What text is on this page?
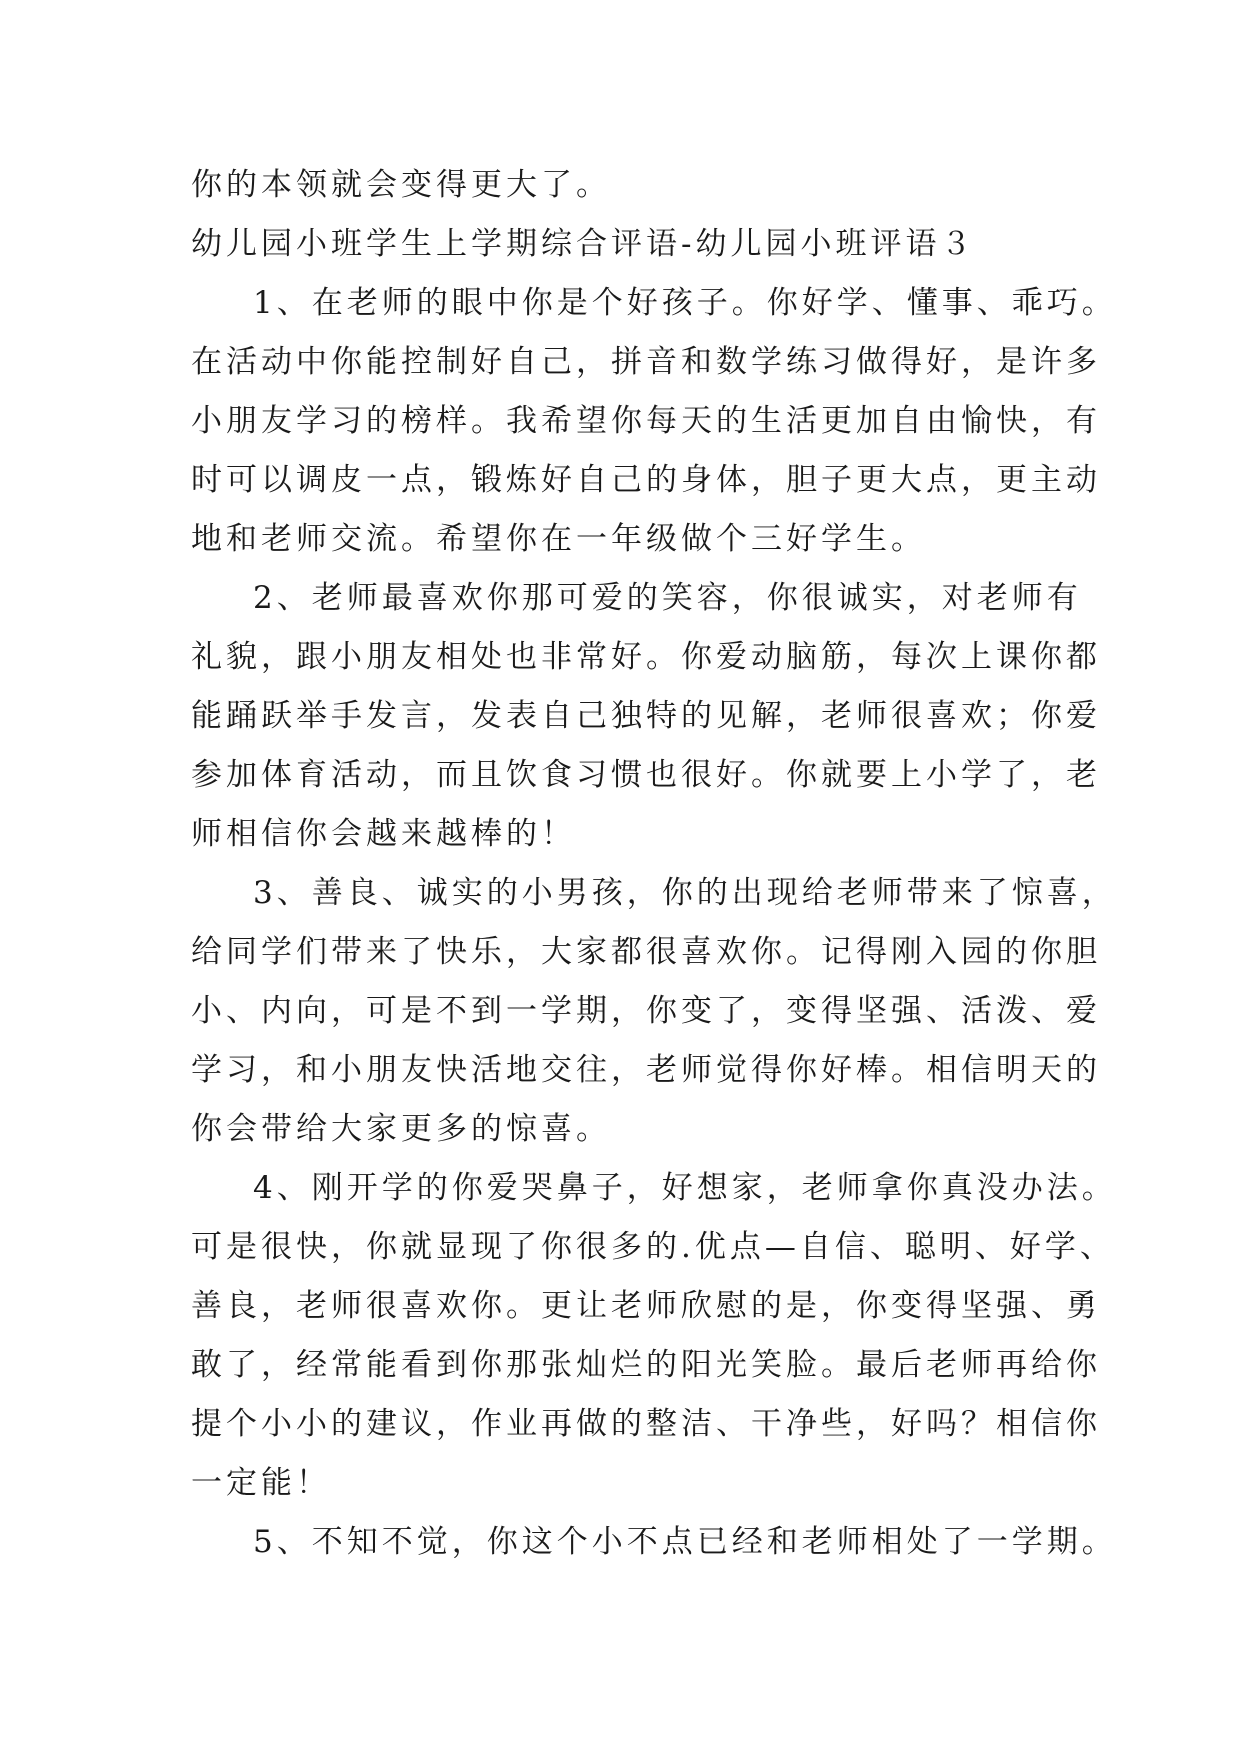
你的本领就会变得更大了。
幼儿园小班学生上学期综合评语-幼儿园小班评语３
1、在老师的眼中你是个好孩子。你好学、懂事、乖巧。
在活动中你能控制好自己，拼音和数学练习做得好，是许多
小朋友学习的榜样。我希望你每天的生活更加自由愉快，有
时可以调皮一点，锻炼好自己的身体，胆子更大点，更主动
地和老师交流。希望你在一年级做个三好学生。
2、老师最喜欢你那可爱的笑容，你很诚实，对老师有
礼貌，跟小朋友相处也非常好。你爱动脑筋，每次上课你都
能踊跃举手发言，发表自己独特的见解，老师很喜欢；你爱
参加体育活动，而且饮食习惯也很好。你就要上小学了，老
师相信你会越来越棒的！
3、善良、诚实的小男孩，你的出现给老师带来了惊喜，
给同学们带来了快乐，大家都很喜欢你。记得刚入园的你胆
小、内向，可是不到一学期，你变了，变得坚强、活泼、爱
学习，和小朋友快活地交往，老师觉得你好棒。相信明天的
你会带给大家更多的惊喜。
4、刚开学的你爱哭鼻子，好想家，老师拿你真没办法。
可是很快，你就显现了你很多的.优点—自信、聪明、好学、
善良，老师很喜欢你。更让老师欣慰的是，你变得坚强、勇
敢了，经常能看到你那张灿烂的阳光笑脸。最后老师再给你
提个小小的建议，作业再做的整洁、干净些，好吗？相信你
一定能！
5、不知不觉，你这个小不点已经和老师相处了一学期。
